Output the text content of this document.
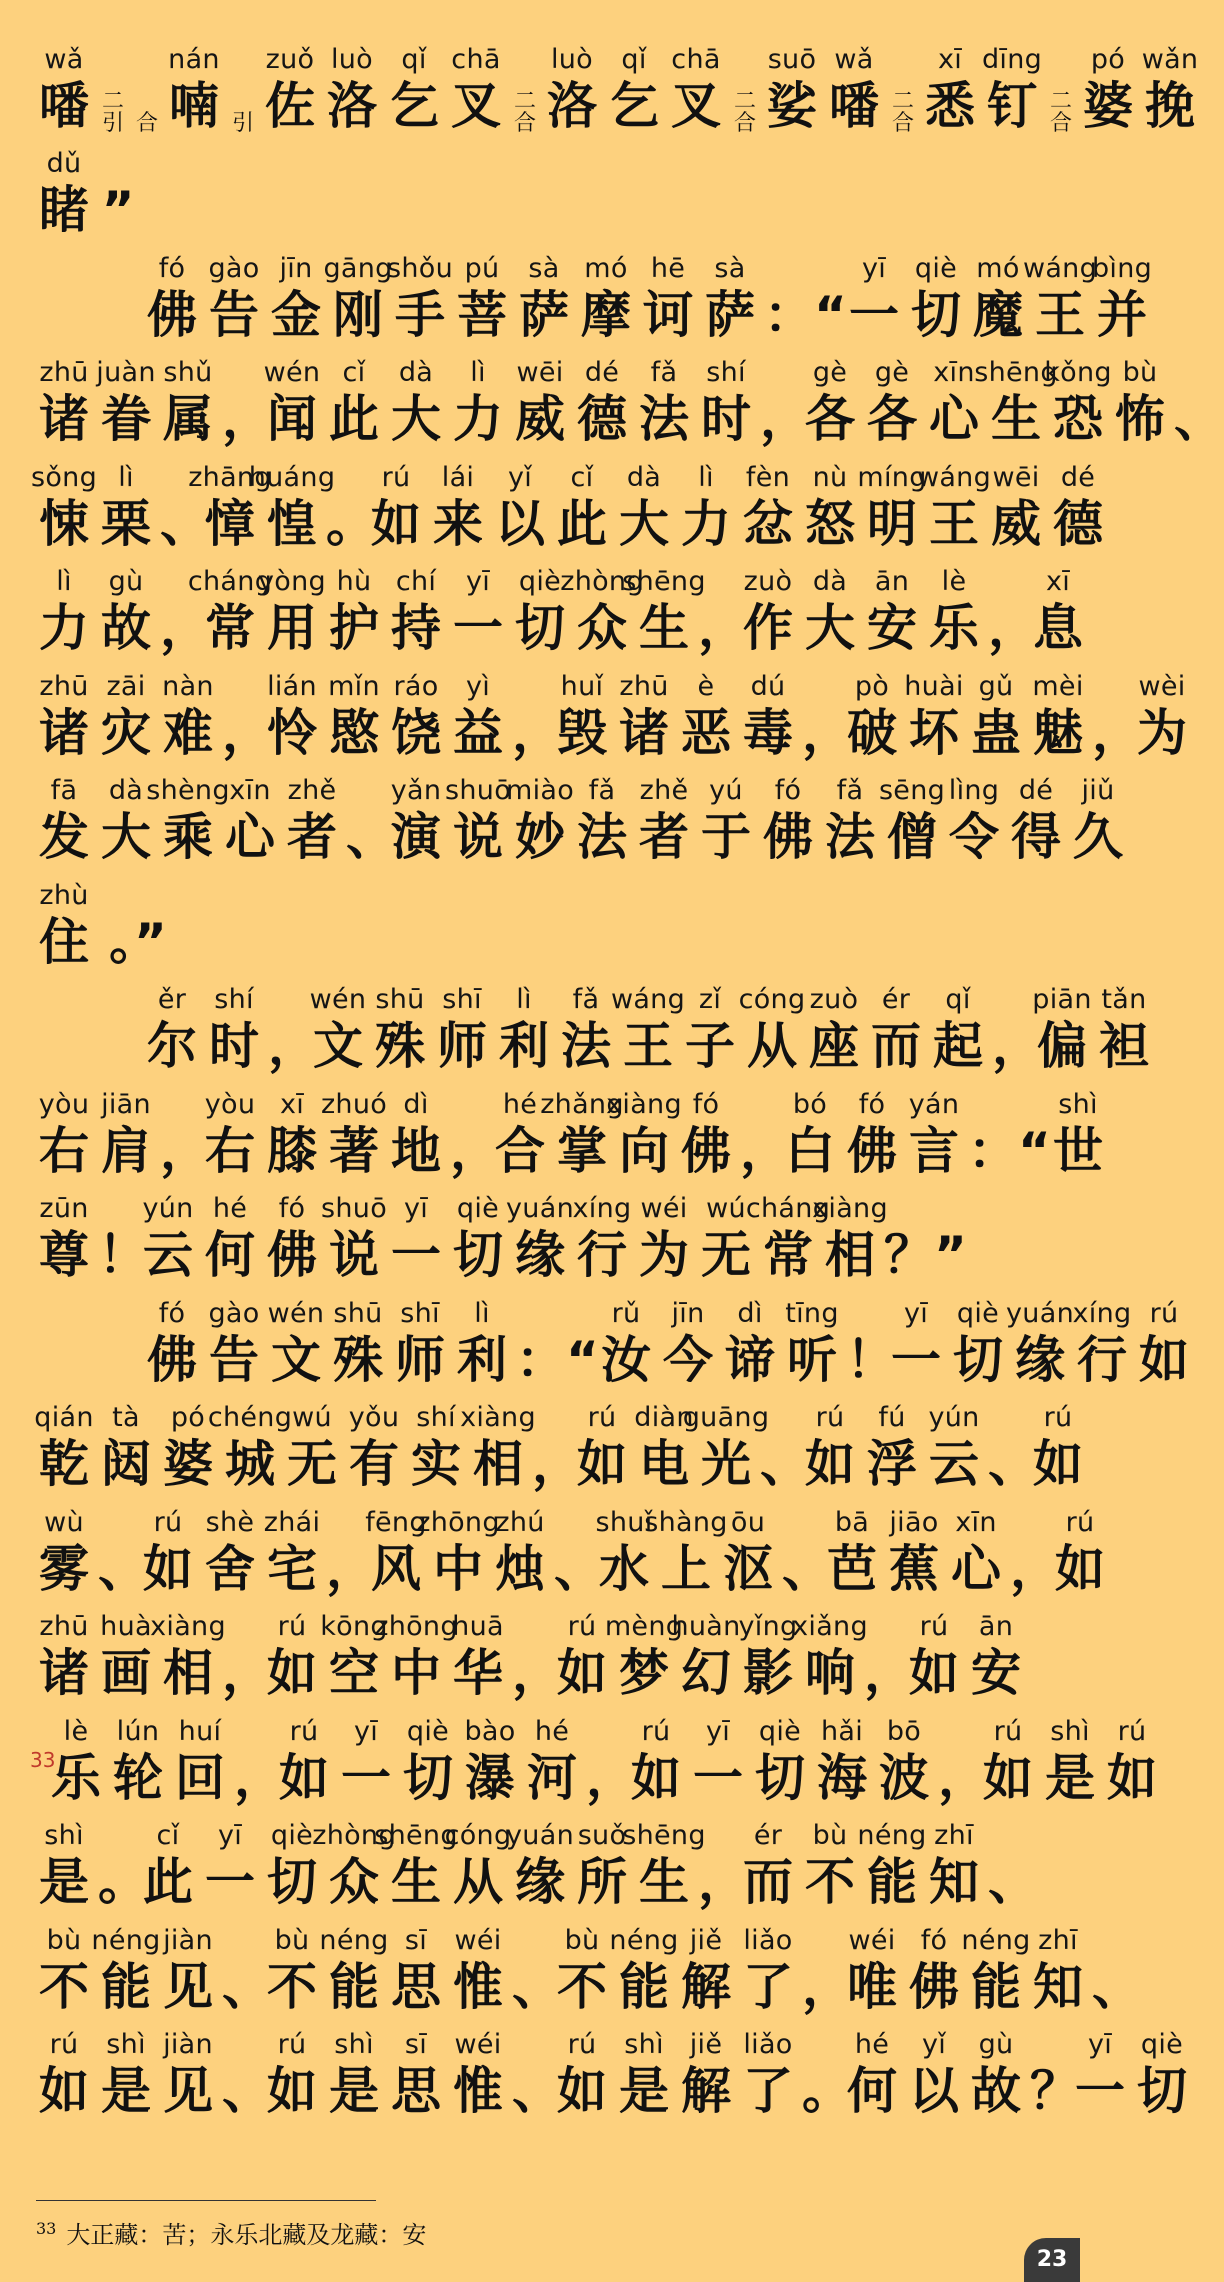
wǎ
噃 二
引 合
nán
喃 引
zuǒ
佐
luò
洛
qǐ
乞
chā
叉 二
合
luò
洛
qǐ
乞
chā
叉 二
合
suō
娑
wǎ
噃 二
合
xī
悉
dīng
钉 二
合
pó
婆
wǎn
挽
dǔ
睹 ”
fó
佛
gào
告
jīn
金
gāng
刚
shǒu
手
pú
菩
sà
萨
mó
摩
hē
诃
sà
萨 ：“
yī
一
qiè
切
mó
魔
wáng
王
bìng
并
zhū
诸
juàn
眷
shǔ
属 ，
wén
闻
cǐ
此
dà
大
lì
力
wēi
威
dé
德
fǎ
法
shí
时 ，
gè
各
gè
各
xīn
心
shēng
生
kǒng
恐
bù
怖 、
sǒng
悚
lì
栗 、
zhāng
慞
huáng
惶 。
rú
如
lái
来
yǐ
以
cǐ
此
dà
大
lì
力
fèn
忿
nù
怒
míng
明
wáng
王
wēi
威
dé
德
lì
力
gù
故 ，
cháng
常
yòng
用
hù
护
chí
持
yī
一
qiè
切
zhòng
众
shēng
生 ，
zuò
作
dà
大
ān
安
lè
乐 ，
xī
息
zhū
诸
zāi
灾
nàn
难 ，
lián
怜
mǐn
愍
ráo
饶
yì
益 ，
huǐ
毁
zhū
诸
è
恶
dú
毒 ，
pò
破
huài
坏
gǔ
蛊
mèi
魅 ，
wèi
为
fā
发
dà
大
shèng
乘
xīn
心
zhě
者 、
yǎn
演
shuō
说
miào
妙
fǎ
法
zhě
者
yú
于
fó
佛
fǎ
法
sēng
僧
lìng
令
dé
得
jiǔ
久
zhù
住 。”
ěr
尔
shí
时 ，
wén
文
shū
殊
shī
师
lì
利
fǎ
法
wáng
王
zǐ
子
cóng
从
zuò
座
ér
而
qǐ
起 ，
piān
偏
tǎn
袒
yòu
右
jiān
肩 ，
yòu
右
xī
膝
zhuó
著
dì
地 ，
hé
合
zhǎng
掌
xiàng
向
fó
佛 ，
bó
白
fó
佛
yán
言 ：“
shì
世
zūn
尊 ！
yún
云
hé
何
fó
佛
shuō
说
yī
一
qiè
切
yuán
缘
xíng
行
wéi
为
wú
无
cháng
常
xiàng
相 ？”
fó
佛
gào
告
wén
文
shū
殊
shī
师
lì
利 ：“
rǔ
汝
jīn
今
dì
谛
tīng
听 ！
yī
一
qiè
切
yuán
缘
xíng
行
rú
如
qián
乾
tà
闼
pó
婆
chéng
城
wú
无
yǒu
有
shí
实
xiàng
相 ，
rú
如
diàn
电
guāng
光 、
rú
如
fú
浮
yún
云 、
rú
如
wù
雾 、
rú
如
shè
舍
zhái
宅 ，
fēng
风
zhōng
中
zhú
烛 、
shuǐ
水
shàng
上
ōu
沤 、
bā
芭
jiāo
蕉
xīn
心 ，
rú
如
zhū
诸
huà
画
xiàng
相 ，
rú
如
kōng
空
zhōng
中
huā
华 ，
rú
如
mèng
梦
huàn
幻
yǐng
影
xiǎng
响 ，
rú
如
ān
安
lè
乐
lún
轮
huí
回 ，
rú
如
yī
一
qiè
切
bào
瀑
hé
河 ，
rú
如
yī
一
qiè
切
hǎi
海
bō
波 ，
rú
如
shì
是
rú
如
33
shì
是 。
cǐ
此
yī
一
qiè
切
zhòng
众
shēng
生
cóng
从
yuán
缘
suǒ
所
shēng
生 ，
ér
而
bù
不
néng
能
zhī
知 、
bù
不
néng
能
jiàn
见 、
bù
不
néng
能
sī
思
wéi
惟 、
bù
不
néng
能
jiě
解
liǎo
了 ，
wéi
唯
fó
佛
néng
能
zhī
知 、
rú
如
shì
是
jiàn
见 、
rú
如
shì
是
sī
思
wéi
惟 、
rú
如
shì
是
jiě
解
liǎo
了 。
hé
何
yǐ
以
gù
故 ？
yī
一
qiè
切
$^{33}$ 大正藏：苦；永乐北藏及龙藏：安
23
